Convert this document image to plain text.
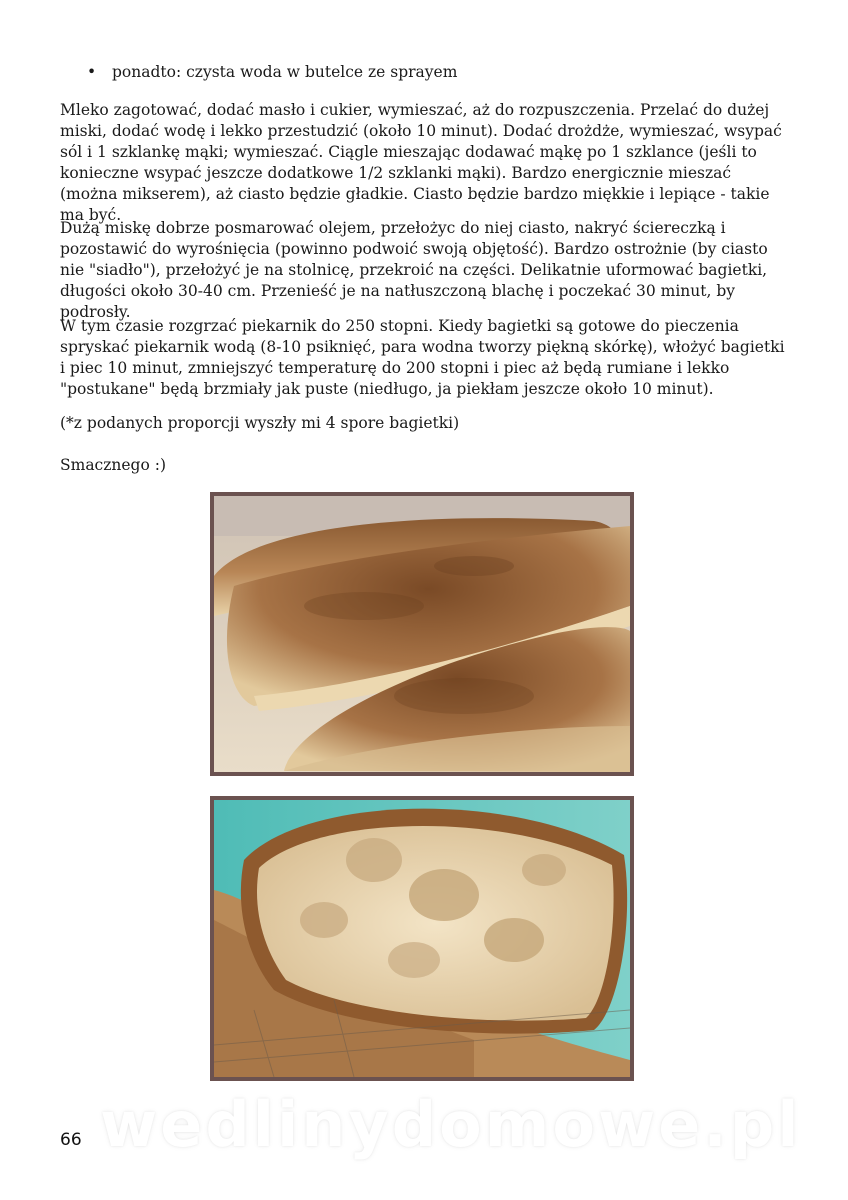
• ponadto: czysta woda w butelce ze sprayem

Mleko zagotować, dodać masło i cukier, wymieszać, aż do rozpuszczenia. Przelać do dużej miski, dodać wodę i lekko przestudzić (około 10 minut). Dodać drożdże, wymieszać, wsypać sól i 1 szklankę mąki; wymieszać. Ciągle mieszając dodawać mąkę po 1 szklance (jeśli to konieczne wsypać jeszcze dodatkowe 1/2 szklanki mąki). Bardzo energicznie mieszać (można mikserem), aż ciasto będzie gładkie. Ciasto będzie bardzo miękkie i lepiące - takie ma być.

Dużą miskę dobrze posmarować olejem, przełożyc do niej ciasto, nakryć ściereczką i pozostawić do wyrośnięcia (powinno podwoić swoją objętość). Bardzo ostrożnie (by ciasto nie "siadło"), przełożyć je na stolnicę, przekroić na części. Delikatnie uformować bagietki, długości około 30-40 cm. Przenieść je na natłuszczoną blachę i poczekać 30 minut, by podrosły.

W tym czasie rozgrzać piekarnik do 250 stopni. Kiedy bagietki są gotowe do pieczenia spryskać piekarnik wodą (8-10 psiknięć, para wodna tworzy piękną skórkę), włożyć bagietki i piec 10 minut, zmniejszyć temperaturę do 200 stopni i piec aż będą rumiane i lekko "postukane" będą brzmiały jak puste (niedługo, ja piekłam jeszcze około 10 minut).

(*z podanych proporcji wyszły mi 4 spore bagietki)

Smacznego :)

wedlinydomowe.pl
66
